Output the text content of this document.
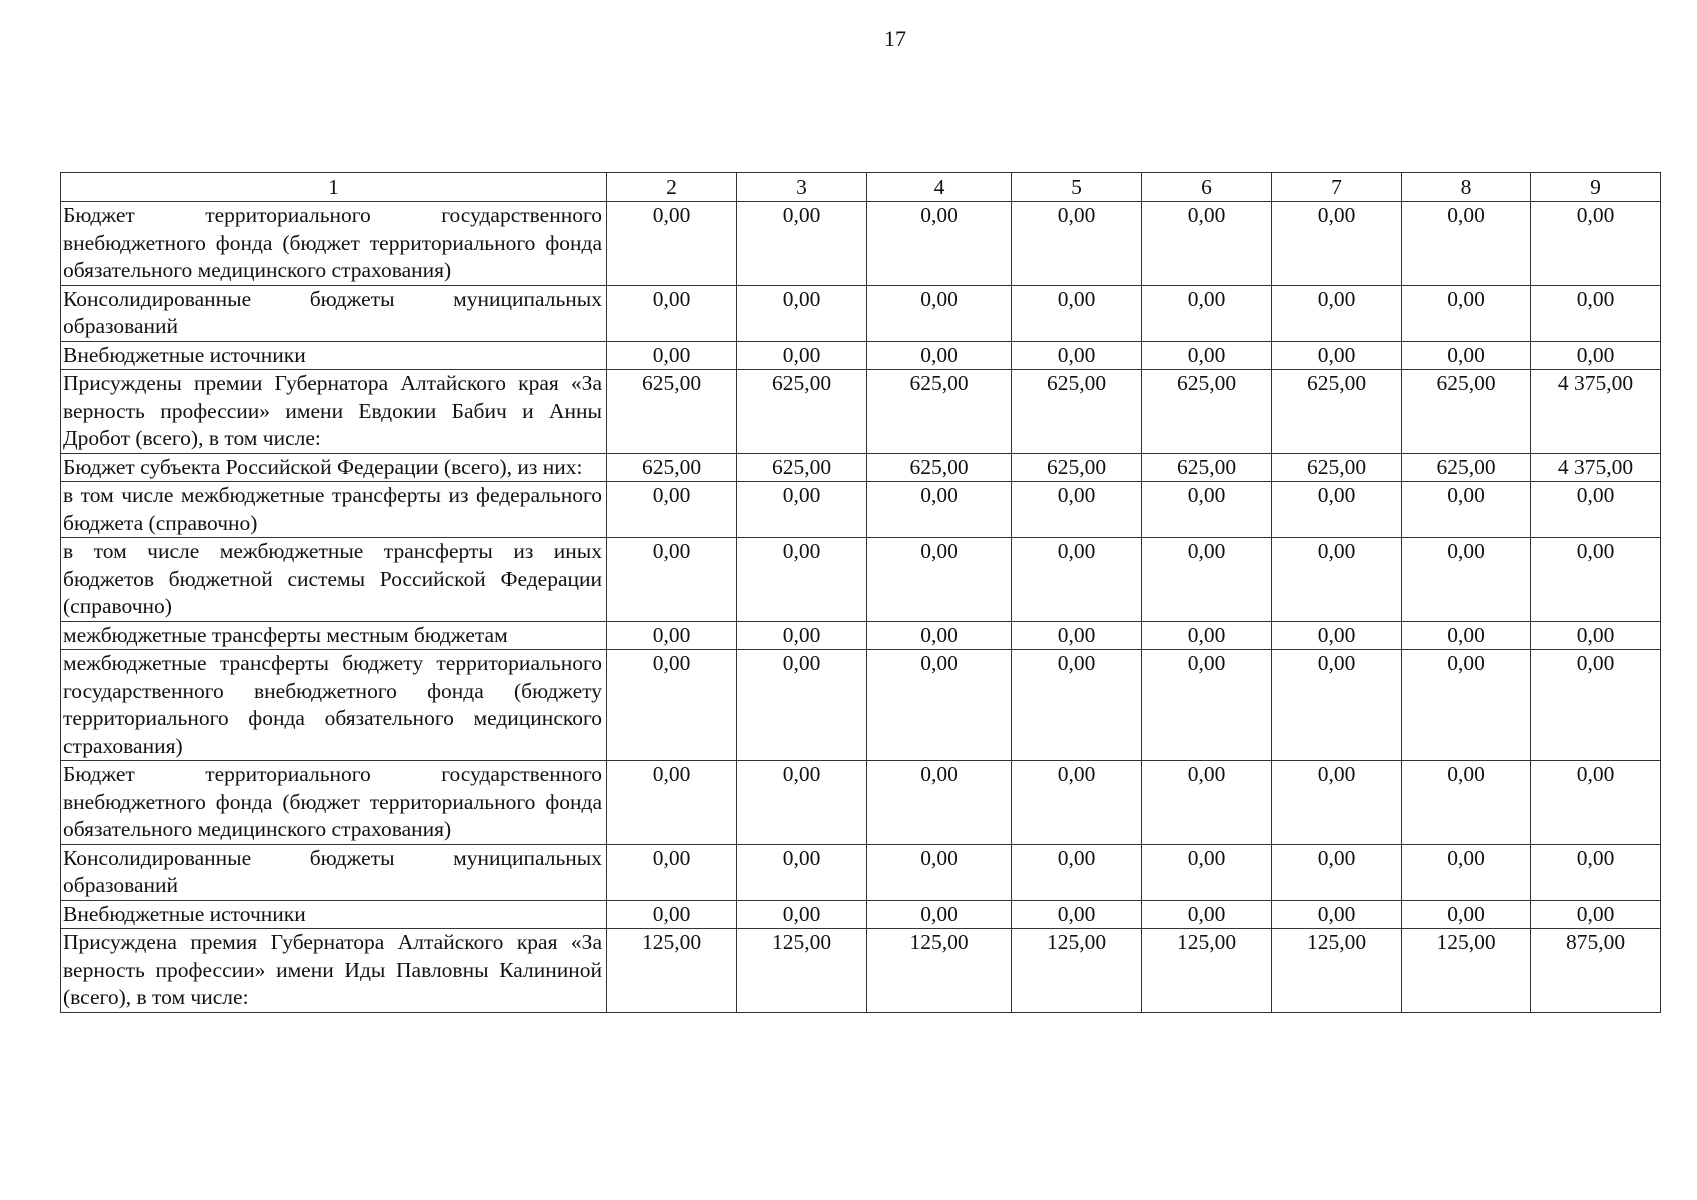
17
1	2	3	4	5	6	7	8	9
Бюджет территориального государственного внебюджетного фонда (бюджет территориального фонда обязательного медицинского страхования)	0,00	0,00	0,00	0,00	0,00	0,00	0,00	0,00
Консолидированные бюджеты муниципальных образований	0,00	0,00	0,00	0,00	0,00	0,00	0,00	0,00
Внебюджетные источники	0,00	0,00	0,00	0,00	0,00	0,00	0,00	0,00
Присуждены премии Губернатора Алтайского края «За верность профессии» имени Евдокии Бабич и Анны Дробот (всего), в том числе:	625,00	625,00	625,00	625,00	625,00	625,00	625,00	4 375,00
Бюджет субъекта Российской Федерации (всего), из них:	625,00	625,00	625,00	625,00	625,00	625,00	625,00	4 375,00
в том числе межбюджетные трансферты из федерального бюджета (справочно)	0,00	0,00	0,00	0,00	0,00	0,00	0,00	0,00
в том числе межбюджетные трансферты из иных бюджетов бюджетной системы Российской Федерации (справочно)	0,00	0,00	0,00	0,00	0,00	0,00	0,00	0,00
межбюджетные трансферты местным бюджетам	0,00	0,00	0,00	0,00	0,00	0,00	0,00	0,00
межбюджетные трансферты бюджету территориального государственного внебюджетного фонда (бюджету территориального фонда обязательного медицинского страхования)	0,00	0,00	0,00	0,00	0,00	0,00	0,00	0,00
Бюджет территориального государственного внебюджетного фонда (бюджет территориального фонда обязательного медицинского страхования)	0,00	0,00	0,00	0,00	0,00	0,00	0,00	0,00
Консолидированные бюджеты муниципальных образований	0,00	0,00	0,00	0,00	0,00	0,00	0,00	0,00
Внебюджетные источники	0,00	0,00	0,00	0,00	0,00	0,00	0,00	0,00
Присуждена премия Губернатора Алтайского края «За верность профессии» имени Иды Павловны Калининой (всего), в том числе:	125,00	125,00	125,00	125,00	125,00	125,00	125,00	875,00
